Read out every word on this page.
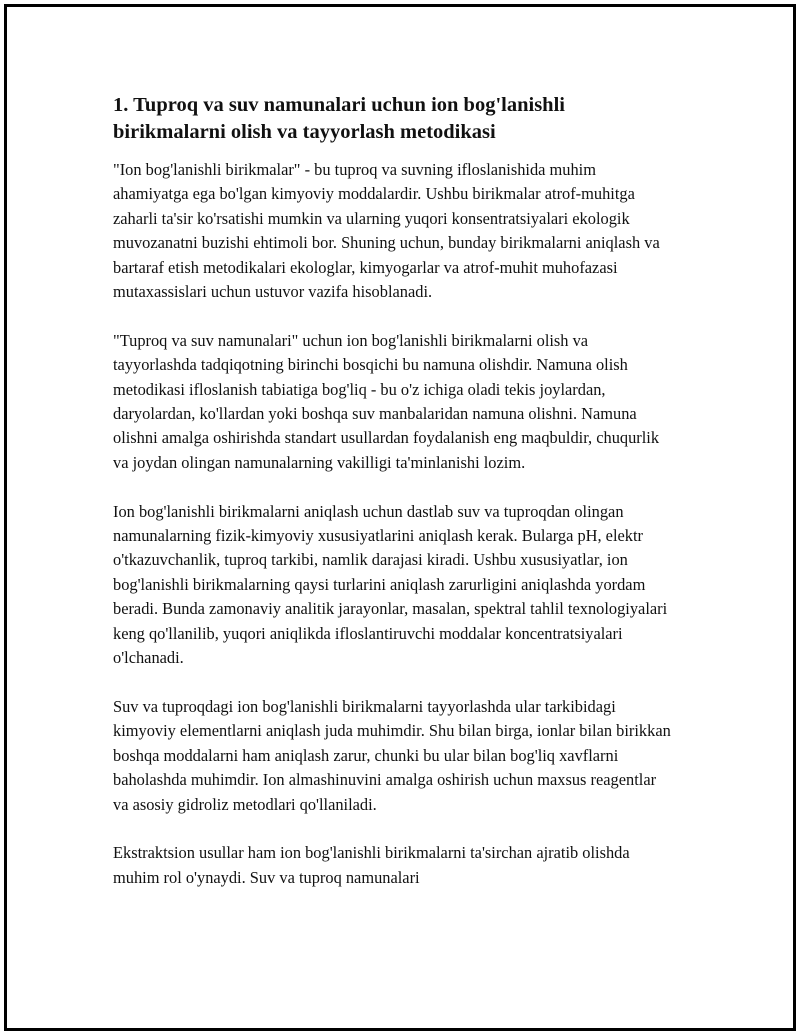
1. Tuproq va suv namunalari uchun ion bog'lanishli birikmalarni olish va tayyorlash metodikasi

"Ion bog'lanishli birikmalar" - bu tuproq va suvning ifloslanishida muhim ahamiyatga ega bo'lgan kimyoviy moddalardir. Ushbu birikmalar atrof-muhitga zaharli ta'sir ko'rsatishi mumkin va ularning yuqori konsentratsiyalari ekologik muvozanatni buzishi ehtimoli bor. Shuning uchun, bunday birikmalarni aniqlash va bartaraf etish metodikalari ekologlar, kimyogarlar va atrof-muhit muhofazasi mutaxassislari uchun ustuvor vazifa hisoblanadi.

"Tuproq va suv namunalari" uchun ion bog'lanishli birikmalarni olish va tayyorlashda tadqiqotning birinchi bosqichi bu namuna olishdir. Namuna olish metodikasi ifloslanish tabiatiga bog'liq - bu o'z ichiga oladi tekis joylardan, daryolardan, ko'llardan yoki boshqa suv manbalaridan namuna olishni. Namuna olishni amalga oshirishda standart usullardan foydalanish eng maqbuldir, chuqurlik va joydan olingan namunalarning vakilligi ta'minlanishi lozim.

Ion bog'lanishli birikmalarni aniqlash uchun dastlab suv va tuproqdan olingan namunalarning fizik-kimyoviy xususiyatlarini aniqlash kerak. Bularga pH, elektr o'tkazuvchanlik, tuproq tarkibi, namlik darajasi kiradi. Ushbu xususiyatlar, ion bog'lanishli birikmalarning qaysi turlarini aniqlash zarurligini aniqlashda yordam beradi. Bunda zamonaviy analitik jarayonlar, masalan, spektral tahlil texnologiyalari keng qo'llanilib, yuqori aniqlikda ifloslantiruvchi moddalar koncentratsiyalari o'lchanadi.

Suv va tuproqdagi ion bog'lanishli birikmalarni tayyorlashda ular tarkibidagi kimyoviy elementlarni aniqlash juda muhimdir. Shu bilan birga, ionlar bilan birikkan boshqa moddalarni ham aniqlash zarur, chunki bu ular bilan bog'liq xavflarni baholashda muhimdir. Ion almashinuvini amalga oshirish uchun maxsus reagentlar va asosiy gidroliz metodlari qo'llaniladi.

Ekstraktsion usullar ham ion bog'lanishli birikmalarni ta'sirchan ajratib olishda muhim rol o'ynaydi. Suv va tuproq namunalari
